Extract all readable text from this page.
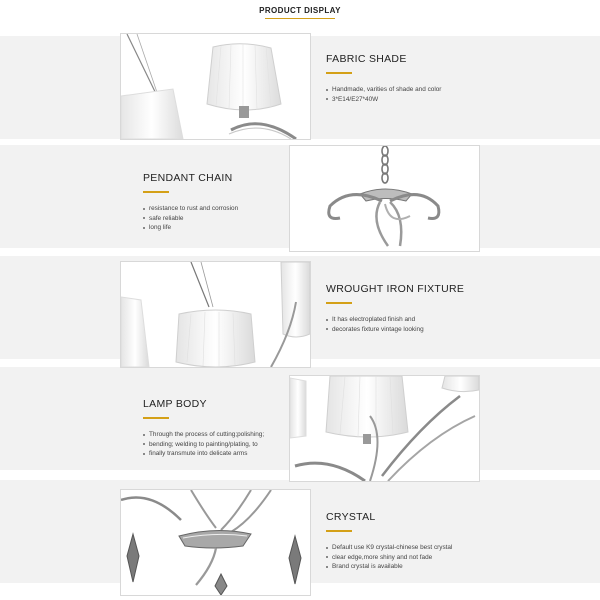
PRODUCT DISPLAY
FABRIC SHADE
Handmade, varities of shade and color
3*E14/E27*40W
PENDANT CHAIN
resistance to rust and corrosion
safe reliable
long life
WROUGHT IRON FIXTURE
It has electroplated finish and
decorates fixture vintage looking
LAMP BODY
Through the process of cutting;polishing;
bending; welding to painting/plating, to
finally transmute into delicate arms
CRYSTAL
Default use K9 crystal-chinese best crystal
clear edge,more shiny and not fade
Brand crystal is available
